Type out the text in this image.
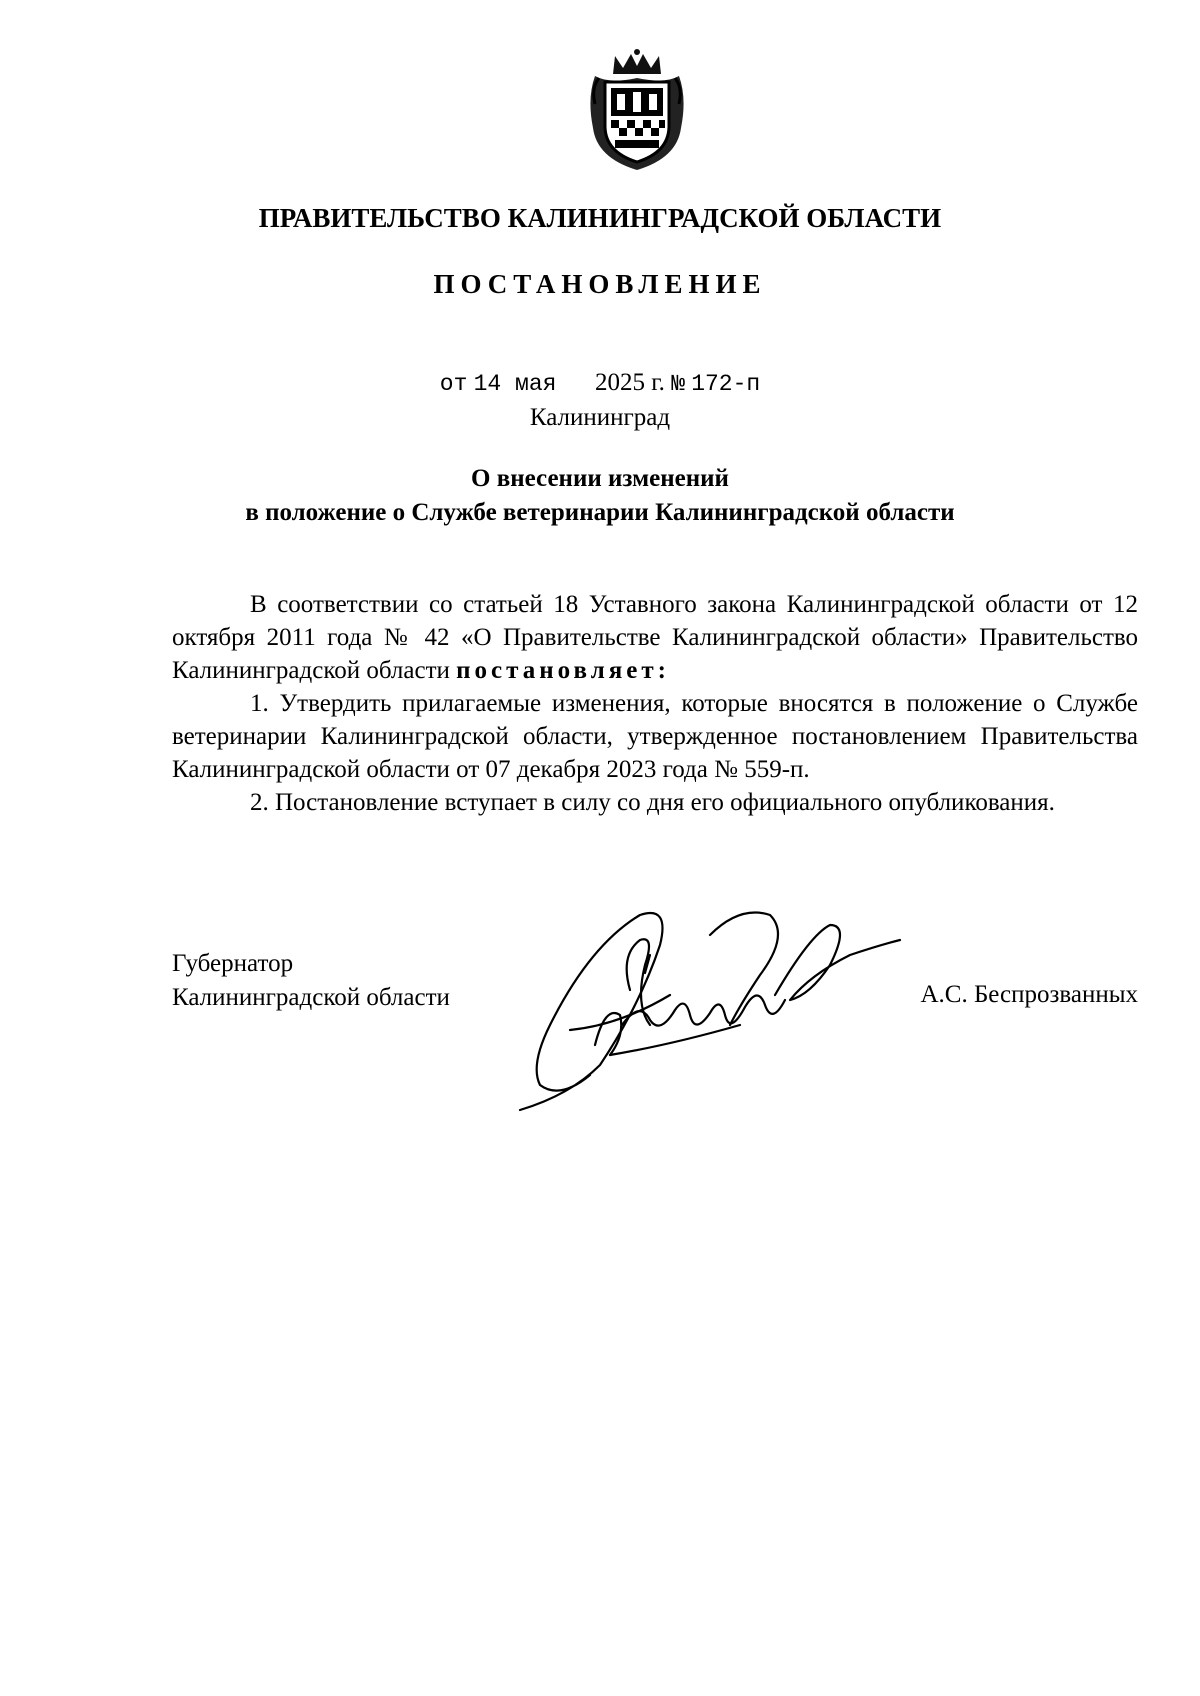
ПРАВИТЕЛЬСТВО КАЛИНИНГРАДСКОЙ ОБЛАСТИ
ПОСТАНОВЛЕНИЕ
от 14 мая 2025 г. № 172-п
Калининград
О внесении изменений
в положение о Службе ветеринарии Калининградской области

В соответствии со статьей 18 Уставного закона Калининградской области от 12 октября 2011 года № 42 «О Правительстве Калининградской области» Правительство Калининградской области постановляет:

1. Утвердить прилагаемые изменения, которые вносятся в положение о Службе ветеринарии Калининградской области, утвержденное постановлением Правительства Калининградской области от 07 декабря 2023 года № 559-п.

2. Постановление вступает в силу со дня его официального опубликования.

Губернатор
Калининградской области	А.С. Беспрозванных
